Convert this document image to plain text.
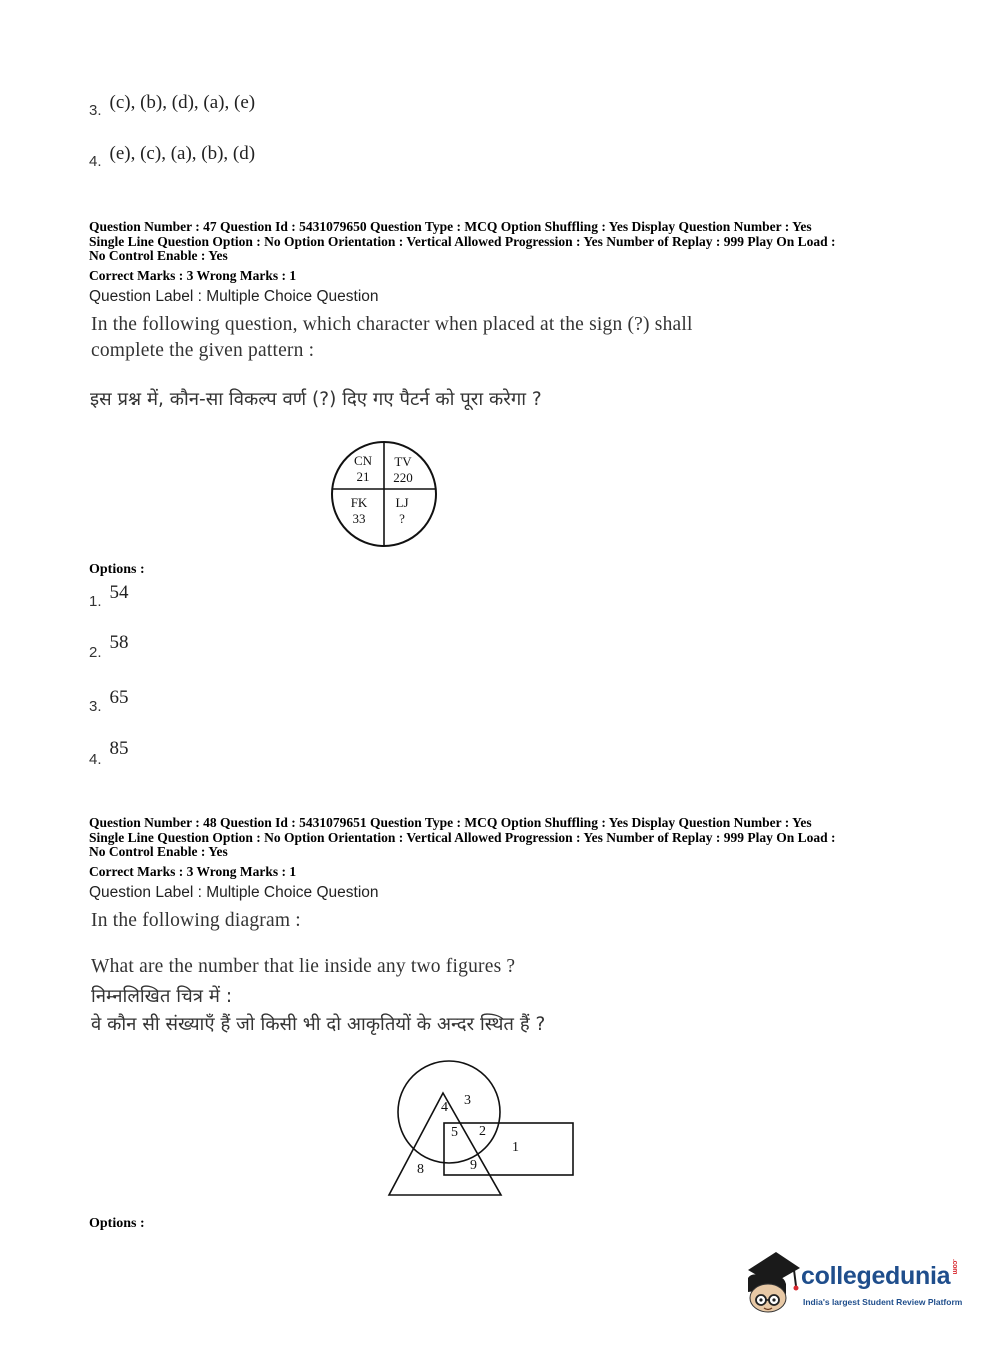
3. (c), (b), (d), (a), (e)
4. (e), (c), (a), (b), (d)
Question Number : 47 Question Id : 5431079650 Question Type : MCQ Option Shuffling : Yes Display Question Number : Yes
Single Line Question Option : No Option Orientation : Vertical Allowed Progression : Yes Number of Replay : 999 Play On Load :
No Control Enable : Yes
Correct Marks : 3 Wrong Marks : 1
Question Label : Multiple Choice Question
In the following question, which character when placed at the sign (?) shall
complete the given pattern :
इस प्रश्न में, कौन-सा विकल्प वर्ण (?) दिए गए पैटर्न को पूरा करेगा ?
CN
21
TV
220
FK
33
LJ
?
Options :
1. 54
2. 58
3. 65
4. 85
Question Number : 48 Question Id : 5431079651 Question Type : MCQ Option Shuffling : Yes Display Question Number : Yes
Single Line Question Option : No Option Orientation : Vertical Allowed Progression : Yes Number of Replay : 999 Play On Load :
No Control Enable : Yes
Correct Marks : 3 Wrong Marks : 1
Question Label : Multiple Choice Question
In the following diagram :
What are the number that lie inside any two figures ?
निम्नलिखित चित्र में :
वे कौन सी संख्याएँ हैं जो किसी भी दो आकृतियों के अन्दर स्थित हैं ?
4 3
5 2
1
8	9
Options :
collegedunia.com
India's largest Student Review Platform
